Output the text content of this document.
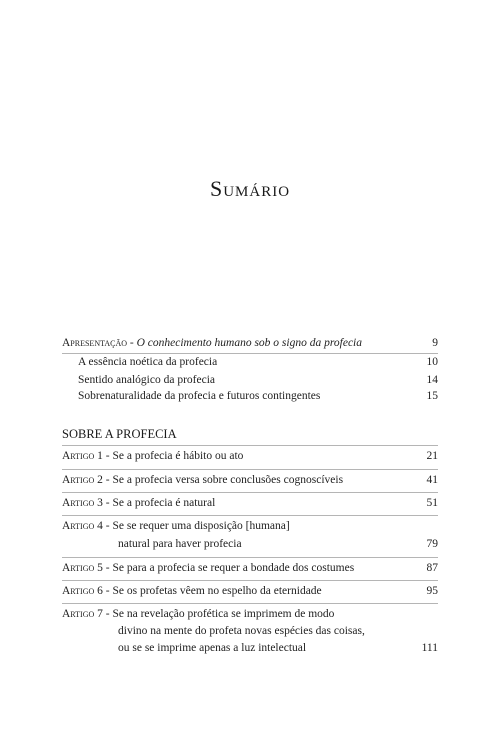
Sumário
Apresentação - O conhecimento humano sob o signo da profecia	9
A essência noética da profecia	10
Sentido analógico da profecia	14
Sobrenaturalidade da profecia e futuros contingentes	15
SOBRE A PROFECIA
Artigo 1 - Se a profecia é hábito ou ato	21
Artigo 2 - Se a profecia versa sobre conclusões cognoscíveis	41
Artigo 3 - Se a profecia é natural	51
Artigo 4 - Se se requer uma disposição [humana]
natural para haver profecia	79
Artigo 5 - Se para a profecia se requer a bondade dos costumes	87
Artigo 6 - Se os profetas vêem no espelho da eternidade	95
Artigo 7 - Se na revelação profética se imprimem de modo
divino na mente do profeta novas espécies das coisas,
ou se se imprime apenas a luz intelectual	111
